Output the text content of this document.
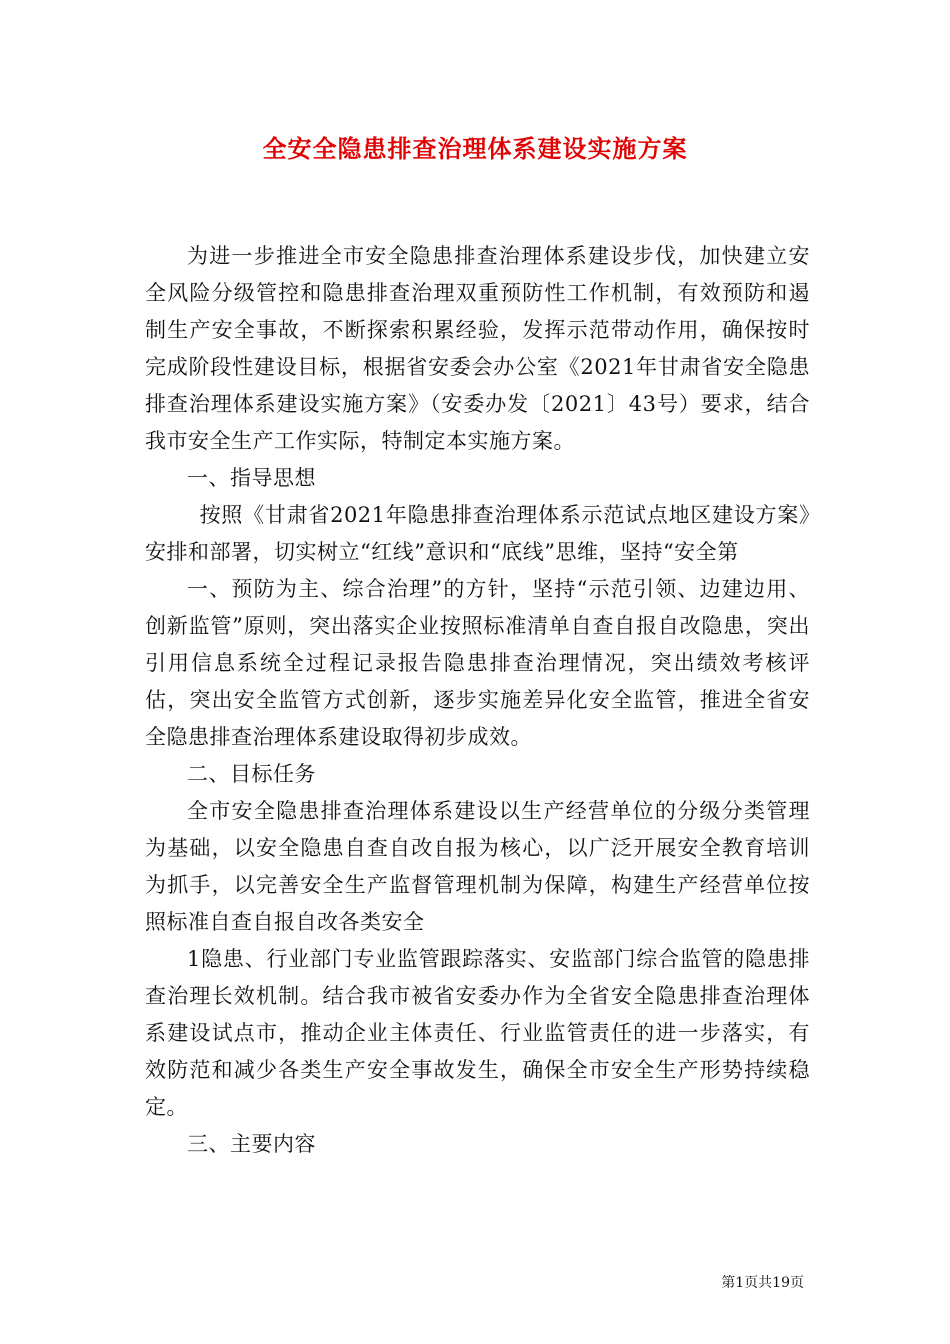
全安全隐患排查治理体系建设实施方案

为进一步推进全市安全隐患排查治理体系建设步伐，加快建立安全风险分级管控和隐患排查治理双重预防性工作机制，有效预防和遏制生产安全事故，不断探索积累经验，发挥示范带动作用，确保按时完成阶段性建设目标，根据省安委会办公室《2021年甘肃省安全隐患排查治理体系建设实施方案》（安委办发〔2021〕43号）要求，结合我市安全生产工作实际，特制定本实施方案。

一、指导思想

按照《甘肃省2021年隐患排查治理体系示范试点地区建设方案》安排和部署，切实树立“红线”意识和“底线”思维，坚持“安全第

一、预防为主、综合治理”的方针，坚持“示范引领、边建边用、创新监管”原则，突出落实企业按照标准清单自查自报自改隐患，突出引用信息系统全过程记录报告隐患排查治理情况，突出绩效考核评估，突出安全监管方式创新，逐步实施差异化安全监管，推进全省安全隐患排查治理体系建设取得初步成效。

二、目标任务

全市安全隐患排查治理体系建设以生产经营单位的分级分类管理为基础，以安全隐患自查自改自报为核心，以广泛开展安全教育培训为抓手，以完善安全生产监督管理机制为保障，构建生产经营单位按照标准自查自报自改各类安全

1隐患、行业部门专业监管跟踪落实、安监部门综合监管的隐患排查治理长效机制。结合我市被省安委办作为全省安全隐患排查治理体系建设试点市，推动企业主体责任、行业监管责任的进一步落实，有效防范和减少各类生产安全事故发生，确保全市安全生产形势持续稳定。

三、主要内容

第1页共19页
